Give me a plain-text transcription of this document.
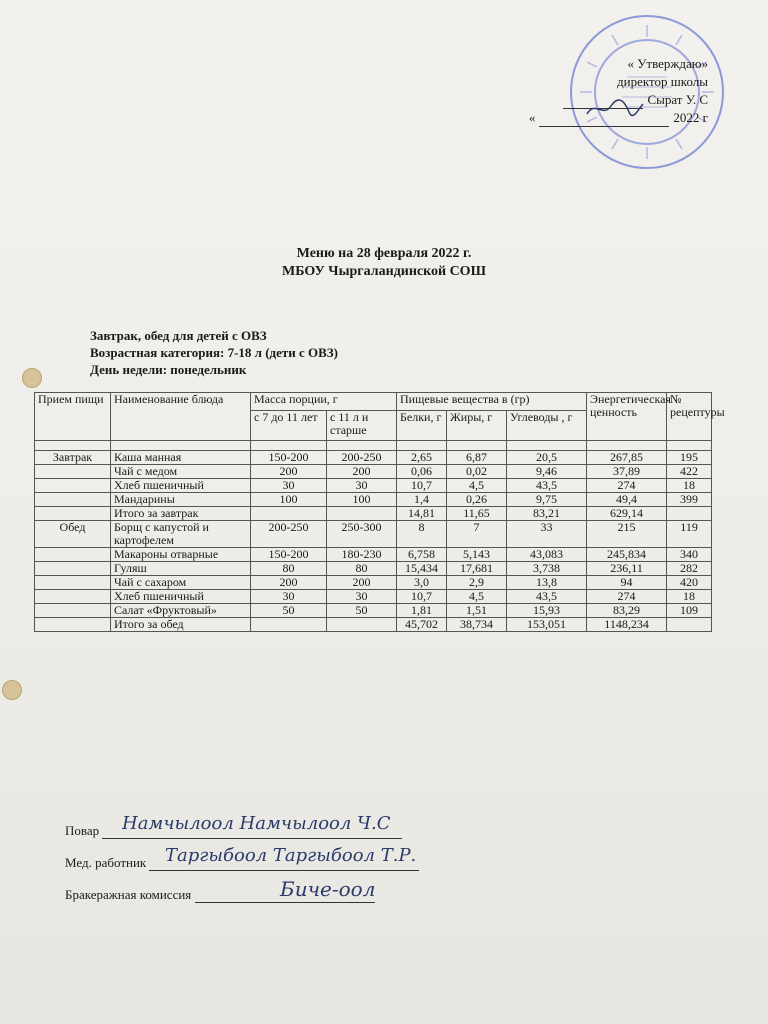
« Утверждаю»
директор школы
Сырат У. С
«	2022 г
Меню на 28 февраля 2022 г.
МБОУ Чыргаландинской СОШ
Завтрак, обед для детей с ОВЗ
Возрастная категория: 7-18 л (дети с ОВЗ)
День недели: понедельник
Прием пищи	Наименование блюда	Масса порции, г		Пищевые вещества в (гр)			Энергетическая ценность	№ рецептуры
		с 7 до 11 лет	с 11 л и старше	Белки, г	Жиры, г	Углеводы , г		

Завтрак	Каша манная	150-200	200-250	2,65	6,87	20,5	267,85	195
	Чай с медом	200	200	0,06	0,02	9,46	37,89	422
	Хлеб пшеничный	30	30	10,7	4,5	43,5	274	18
	Мандарины	100	100	1,4	0,26	9,75	49,4	399
	Итого за завтрак			14,81	11,65	83,21	629,14	
Обед	Борщ с капустой и картофелем	200-250	250-300	8	7	33	215	119
	Макароны отварные	150-200	180-230	6,758	5,143	43,083	245,834	340
	Гуляш	80	80	15,434	17,681	3,738	236,11	282
	Чай с сахаром	200	200	3,0	2,9	13,8	94	420
	Хлеб пшеничный	30	30	10,7	4,5	43,5	274	18
	Салат «Фруктовый»	50	50	1,81	1,51	15,93	83,29	109
	Итого за обед			45,702	38,734	153,051	1148,234	
Повар	Намчылоол Намчылоол Ч.С
Мед. работник	Таргыбоол Таргыбоол Т.Р.
Бракеражная комиссия	Биче-оол
